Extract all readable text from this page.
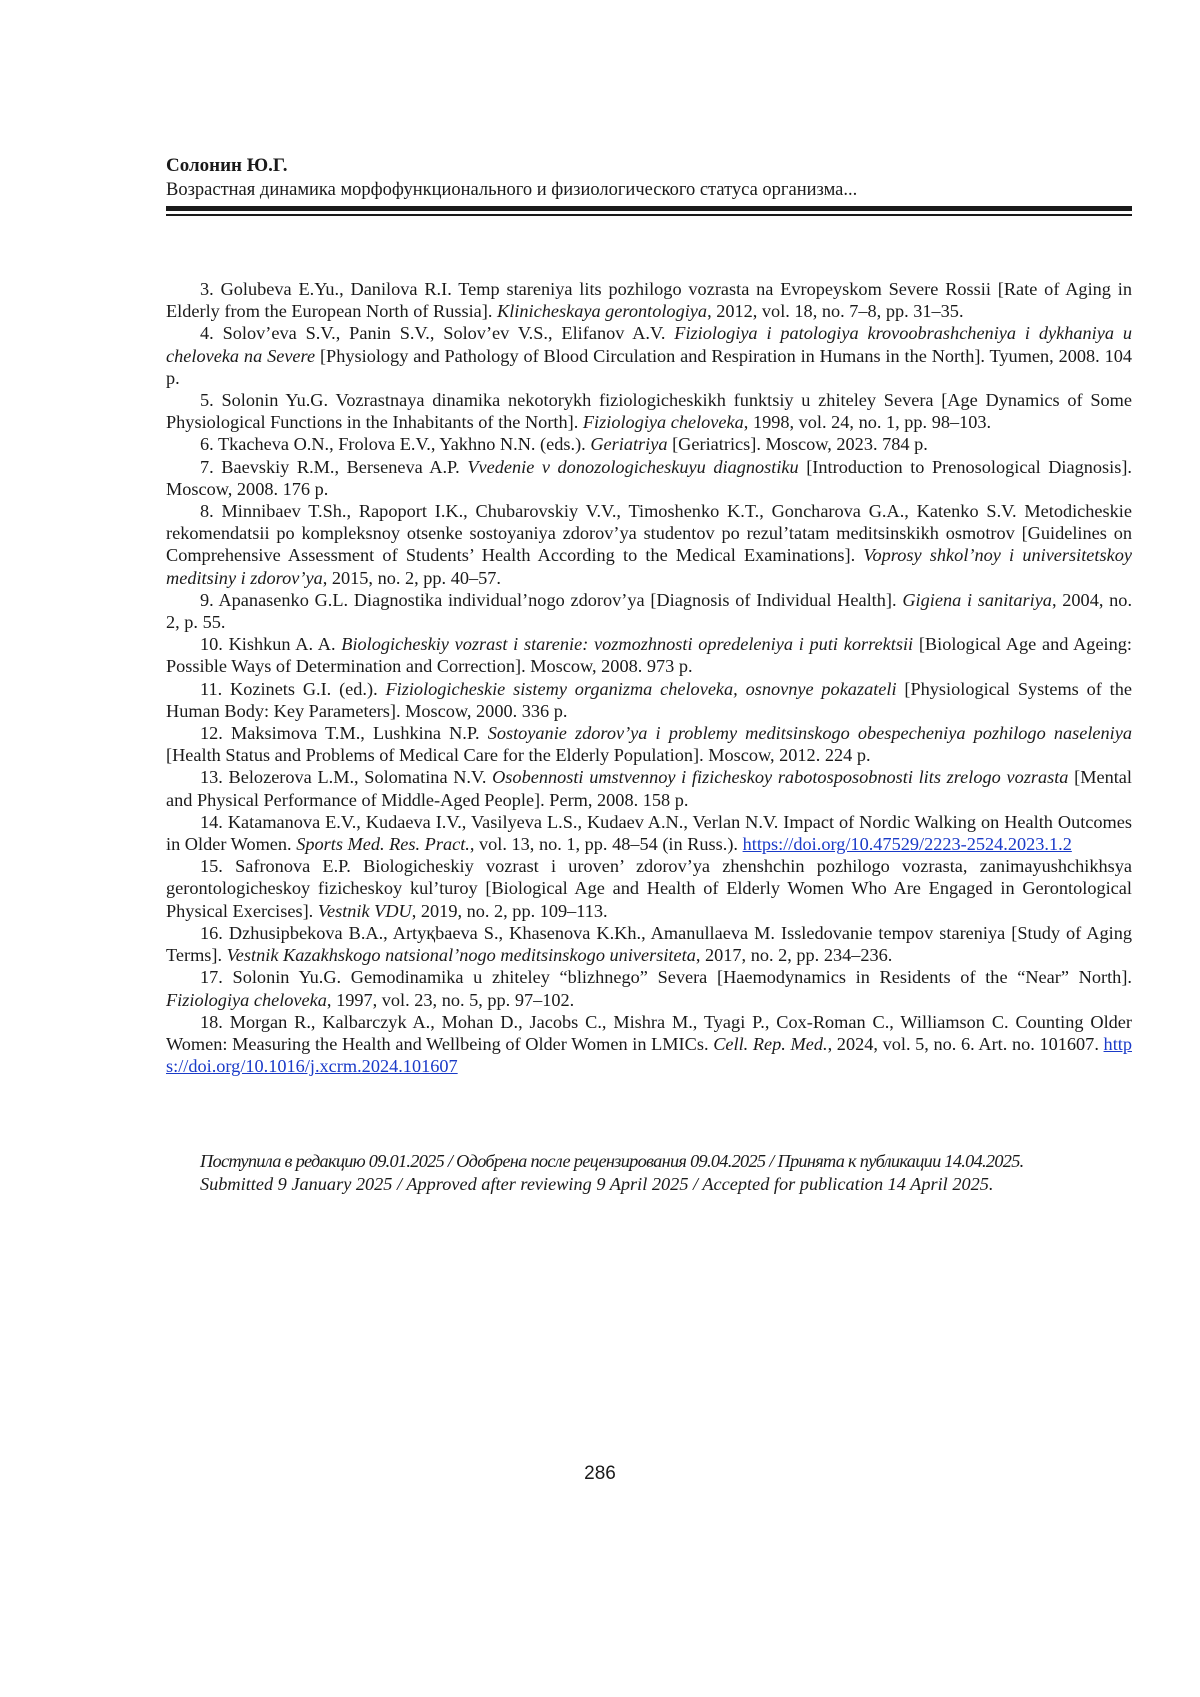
Солонин Ю.Г.
Возрастная динамика морфофункционального и физиологического статуса организма...

3. Golubeva E.Yu., Danilova R.I. Temp stareniya lits pozhilogo vozrasta na Evropeyskom Severe Rossii [Rate of Aging in Elderly from the European North of Russia]. Klinicheskaya gerontologiya, 2012, vol. 18, no. 7–8, pp. 31–35.

4. Solov’eva S.V., Panin S.V., Solov’ev V.S., Elifanov A.V. Fiziologiya i patologiya krovoobrashcheniya i dykhaniya u cheloveka na Severe [Physiology and Pathology of Blood Circulation and Respiration in Humans in the North]. Tyumen, 2008. 104 p.

5. Solonin Yu.G. Vozrastnaya dinamika nekotorykh fiziologicheskikh funktsiy u zhiteley Severa [Age Dynamics of Some Physiological Functions in the Inhabitants of the North]. Fiziologiya cheloveka, 1998, vol. 24, no. 1, pp. 98–103.

6. Tkacheva O.N., Frolova E.V., Yakhno N.N. (eds.). Geriatriya [Geriatrics]. Moscow, 2023. 784 p.

7. Baevskiy R.M., Berseneva A.P. Vvedenie v donozologicheskuyu diagnostiku [Introduction to Prenosological Diagnosis]. Moscow, 2008. 176 p.

8. Minnibaev T.Sh., Rapoport I.K., Chubarovskiy V.V., Timoshenko K.T., Goncharova G.A., Katenko S.V. Metodicheskie rekomendatsii po kompleksnoy otsenke sostoyaniya zdorov’ya studentov po rezul’tatam meditsinskikh osmotrov [Guidelines on Comprehensive Assessment of Students’ Health According to the Medical Examinations]. Voprosy shkol’noy i universitetskoy meditsiny i zdorov’ya, 2015, no. 2, pp. 40–57.

9. Apanasenko G.L. Diagnostika individual’nogo zdorov’ya [Diagnosis of Individual Health]. Gigiena i sanitariya, 2004, no. 2, p. 55.

10. Kishkun A. A. Biologicheskiy vozrast i starenie: vozmozhnosti opredeleniya i puti korrektsii [Biological Age and Ageing: Possible Ways of Determination and Correction]. Moscow, 2008. 973 p.

11. Kozinets G.I. (ed.). Fiziologicheskie sistemy organizma cheloveka, osnovnye pokazateli [Physiological Systems of the Human Body: Key Parameters]. Moscow, 2000. 336 p.

12. Maksimova T.M., Lushkina N.P. Sostoyanie zdorov’ya i problemy meditsinskogo obespecheniya pozhilogo naseleniya [Health Status and Problems of Medical Care for the Elderly Population]. Moscow, 2012. 224 p.

13. Belozerova L.M., Solomatina N.V. Osobennosti umstvennoy i fizicheskoy rabotosposobnosti lits zrelogo vozrasta [Mental and Physical Performance of Middle-Aged People]. Perm, 2008. 158 p.

14. Katamanova E.V., Kudaeva I.V., Vasilyeva L.S., Kudaev A.N., Verlan N.V. Impact of Nordic Walking on Health Outcomes in Older Women. Sports Med. Res. Pract., vol. 13, no. 1, pp. 48–54 (in Russ.). https://doi.org/10.47529/2223-2524.2023.1.2

15. Safronova E.P. Biologicheskiy vozrast i uroven’ zdorov’ya zhenshchin pozhilogo vozrasta, zanimayushchikhsya gerontologicheskoy fizicheskoy kul’turoy [Biological Age and Health of Elderly Women Who Are Engaged in Gerontological Physical Exercises]. Vestnik VDU, 2019, no. 2, pp. 109–113.

16. Dzhusipbekova B.A., Artyқbaeva S., Khasenova K.Kh., Amanullaeva M. Issledovanie tempov stareniya [Study of Aging Terms]. Vestnik Kazakhskogo natsional’nogo meditsinskogo universiteta, 2017, no. 2, pp. 234–236.

17. Solonin Yu.G. Gemodinamika u zhiteley “blizhnego” Severa [Haemodynamics in Residents of the “Near” North]. Fiziologiya cheloveka, 1997, vol. 23, no. 5, pp. 97–102.

18. Morgan R., Kalbarczyk A., Mohan D., Jacobs C., Mishra M., Tyagi P., Cox-Roman C., Williamson C. Counting Older Women: Measuring the Health and Wellbeing of Older Women in LMICs. Cell. Rep. Med., 2024, vol. 5, no. 6. Art. no. 101607. https://doi.org/10.1016/j.xcrm.2024.101607

Поступила в редакцию 09.01.2025 / Одобрена после рецензирования 09.04.2025 / Принята к публикации 14.04.2025.
Submitted 9 January 2025 / Approved after reviewing 9 April 2025 / Accepted for publication 14 April 2025.
286
